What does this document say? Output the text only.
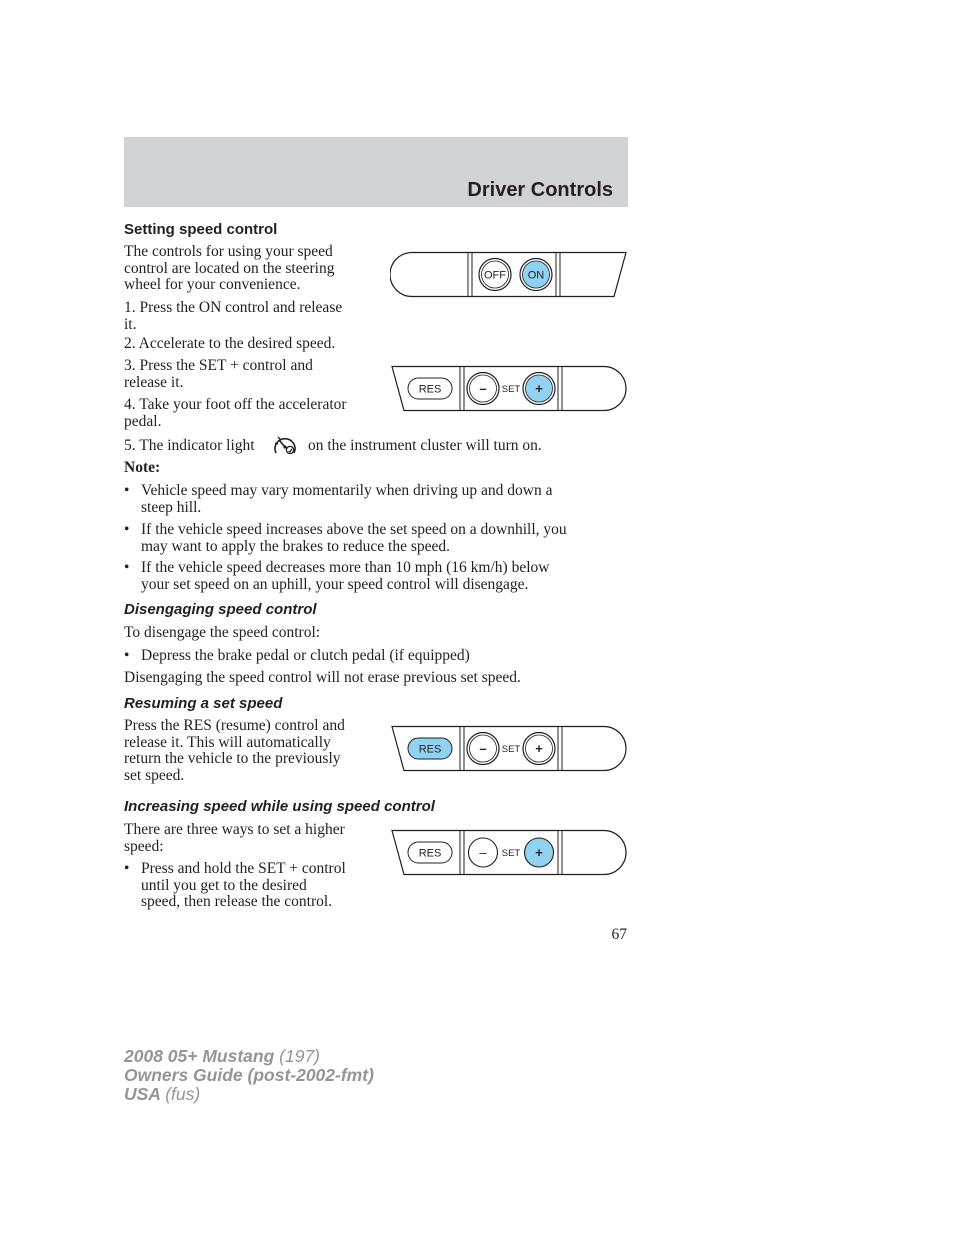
Driver Controls
Setting speed control
The controls for using your speed
control are located on the steering
wheel for your convenience.
1. Press the ON control and release
it.
2. Accelerate to the desired speed.
3. Press the SET + control and
release it.
4. Take your foot off the accelerator
pedal.
5. The indicator light	on the instrument cluster will turn on.
Note:
• Vehicle speed may vary momentarily when driving up and down a
steep hill.
• If the vehicle speed increases above the set speed on a downhill, you
may want to apply the brakes to reduce the speed.
• If the vehicle speed decreases more than 10 mph (16 km/h) below
your set speed on an uphill, your speed control will disengage.
Disengaging speed control
To disengage the speed control:
• Depress the brake pedal or clutch pedal (if equipped)
Disengaging the speed control will not erase previous set speed.
Resuming a set speed
Press the RES (resume) control and
release it. This will automatically
return the vehicle to the previously
set speed.
Increasing speed while using speed control
There are three ways to set a higher
speed:
• Press and hold the SET + control
until you get to the desired
speed, then release the control.
OFF ON
RES	– SET +
RES	– SET +
RES	– SET +
67
2008 05+ Mustang (197)
Owners Guide (post-2002-fmt)
USA (fus)
